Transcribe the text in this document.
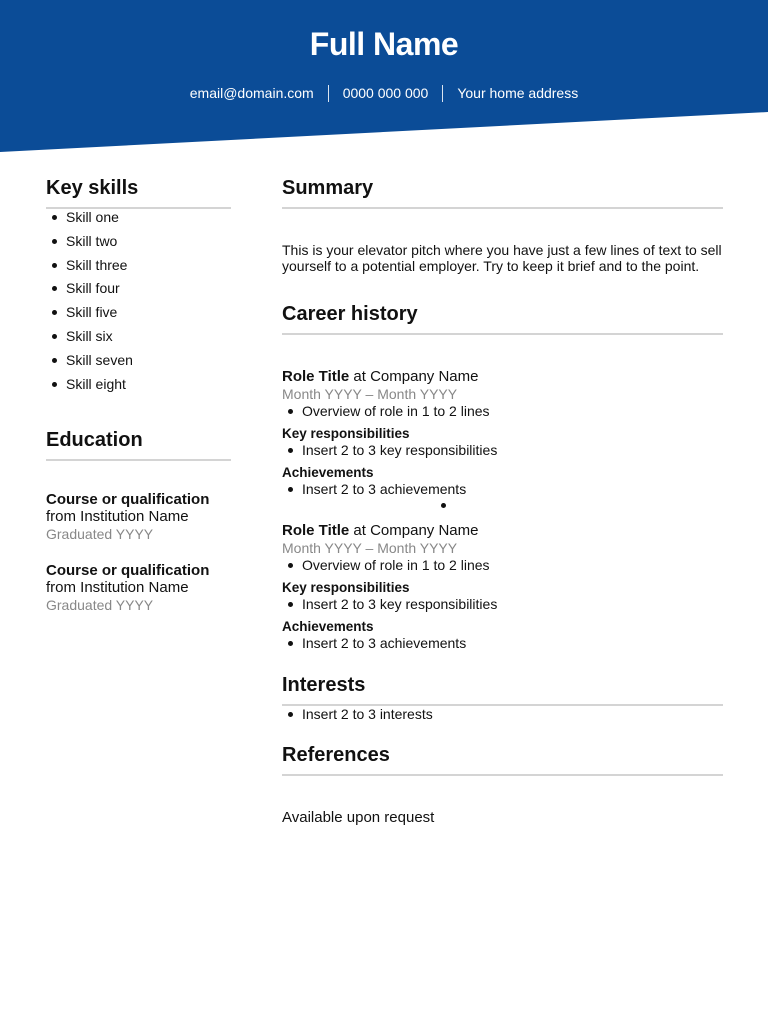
Full Name
email@domain.com	0000 000 000	Your home address
Key skills
Skill one
Skill two
Skill three
Skill four
Skill five
Skill six
Skill seven
Skill eight
Education
Course or qualification
from Institution Name
Graduated YYYY
Course or qualification
from Institution Name
Graduated YYYY
Summary
This is your elevator pitch where you have just a few lines of text to sell yourself to a potential employer. Try to keep it brief and to the point.
Career history
Role Title at Company Name
Month YYYY – Month YYYY
Overview of role in 1 to 2 lines
Key responsibilities
Insert 2 to 3 key responsibilities
Achievements
Insert 2 to 3 achievements
Role Title at Company Name
Month YYYY – Month YYYY
Overview of role in 1 to 2 lines
Key responsibilities
Insert 2 to 3 key responsibilities
Achievements
Insert 2 to 3 achievements
Interests
Insert 2 to 3 interests
References
Available upon request
